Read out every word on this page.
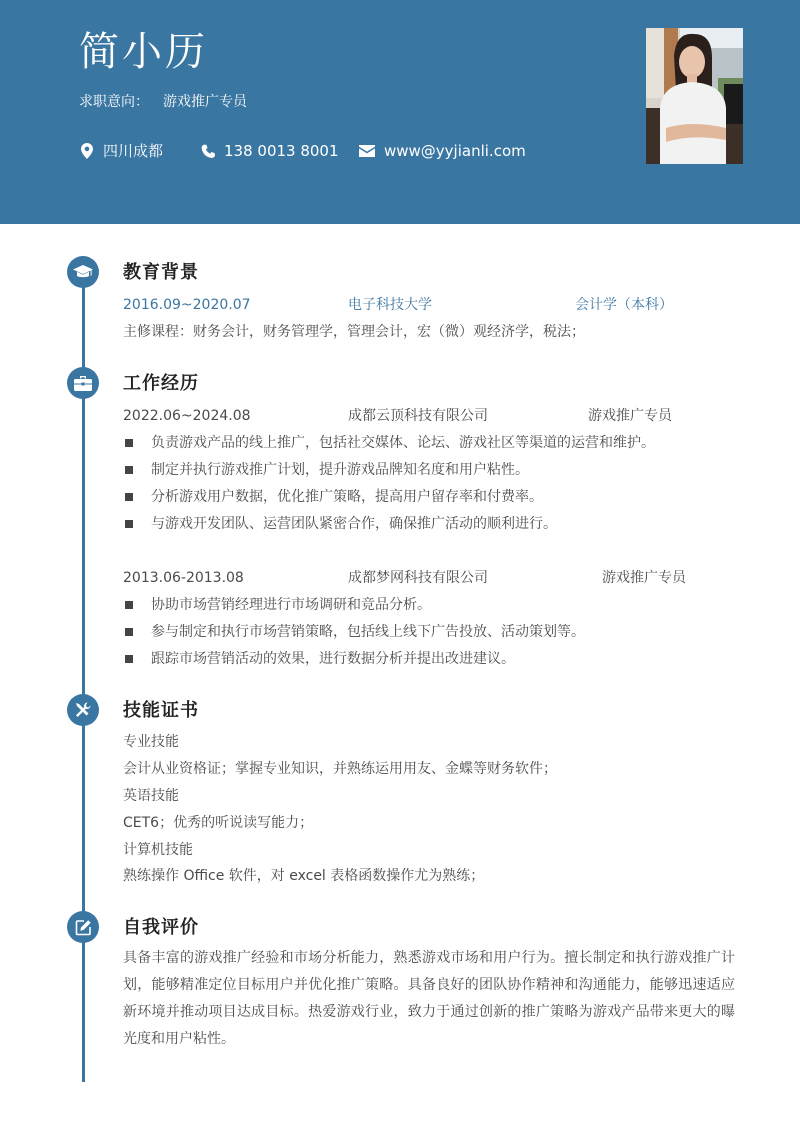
简小历
求职意向： 游戏推广专员
四川成都	138 0013 8001	www@yyjianli.com
教育背景
2016.09~2020.07	电子科技大学	会计学（本科）
主修课程：财务会计，财务管理学，管理会计，宏（微）观经济学，税法；
工作经历
2022.06~2024.08	成都云顶科技有限公司	游戏推广专员
负责游戏产品的线上推广，包括社交媒体、论坛、游戏社区等渠道的运营和维护。
制定并执行游戏推广计划，提升游戏品牌知名度和用户粘性。
分析游戏用户数据，优化推广策略，提高用户留存率和付费率。
与游戏开发团队、运营团队紧密合作，确保推广活动的顺利进行。
2013.06-2013.08	成都梦网科技有限公司	游戏推广专员
协助市场营销经理进行市场调研和竞品分析。
参与制定和执行市场营销策略，包括线上线下广告投放、活动策划等。
跟踪市场营销活动的效果，进行数据分析并提出改进建议。
技能证书
专业技能
会计从业资格证；掌握专业知识，并熟练运用用友、金蝶等财务软件；
英语技能
CET6；优秀的听说读写能力；
计算机技能
熟练操作 Office 软件，对 excel 表格函数操作尤为熟练；
自我评价
具备丰富的游戏推广经验和市场分析能力，熟悉游戏市场和用户行为。擅长制定和执行游戏推广计划，能够精准定位目标用户并优化推广策略。具备良好的团队协作精神和沟通能力，能够迅速适应新环境并推动项目达成目标。热爱游戏行业，致力于通过创新的推广策略为游戏产品带来更大的曝光度和用户粘性。
